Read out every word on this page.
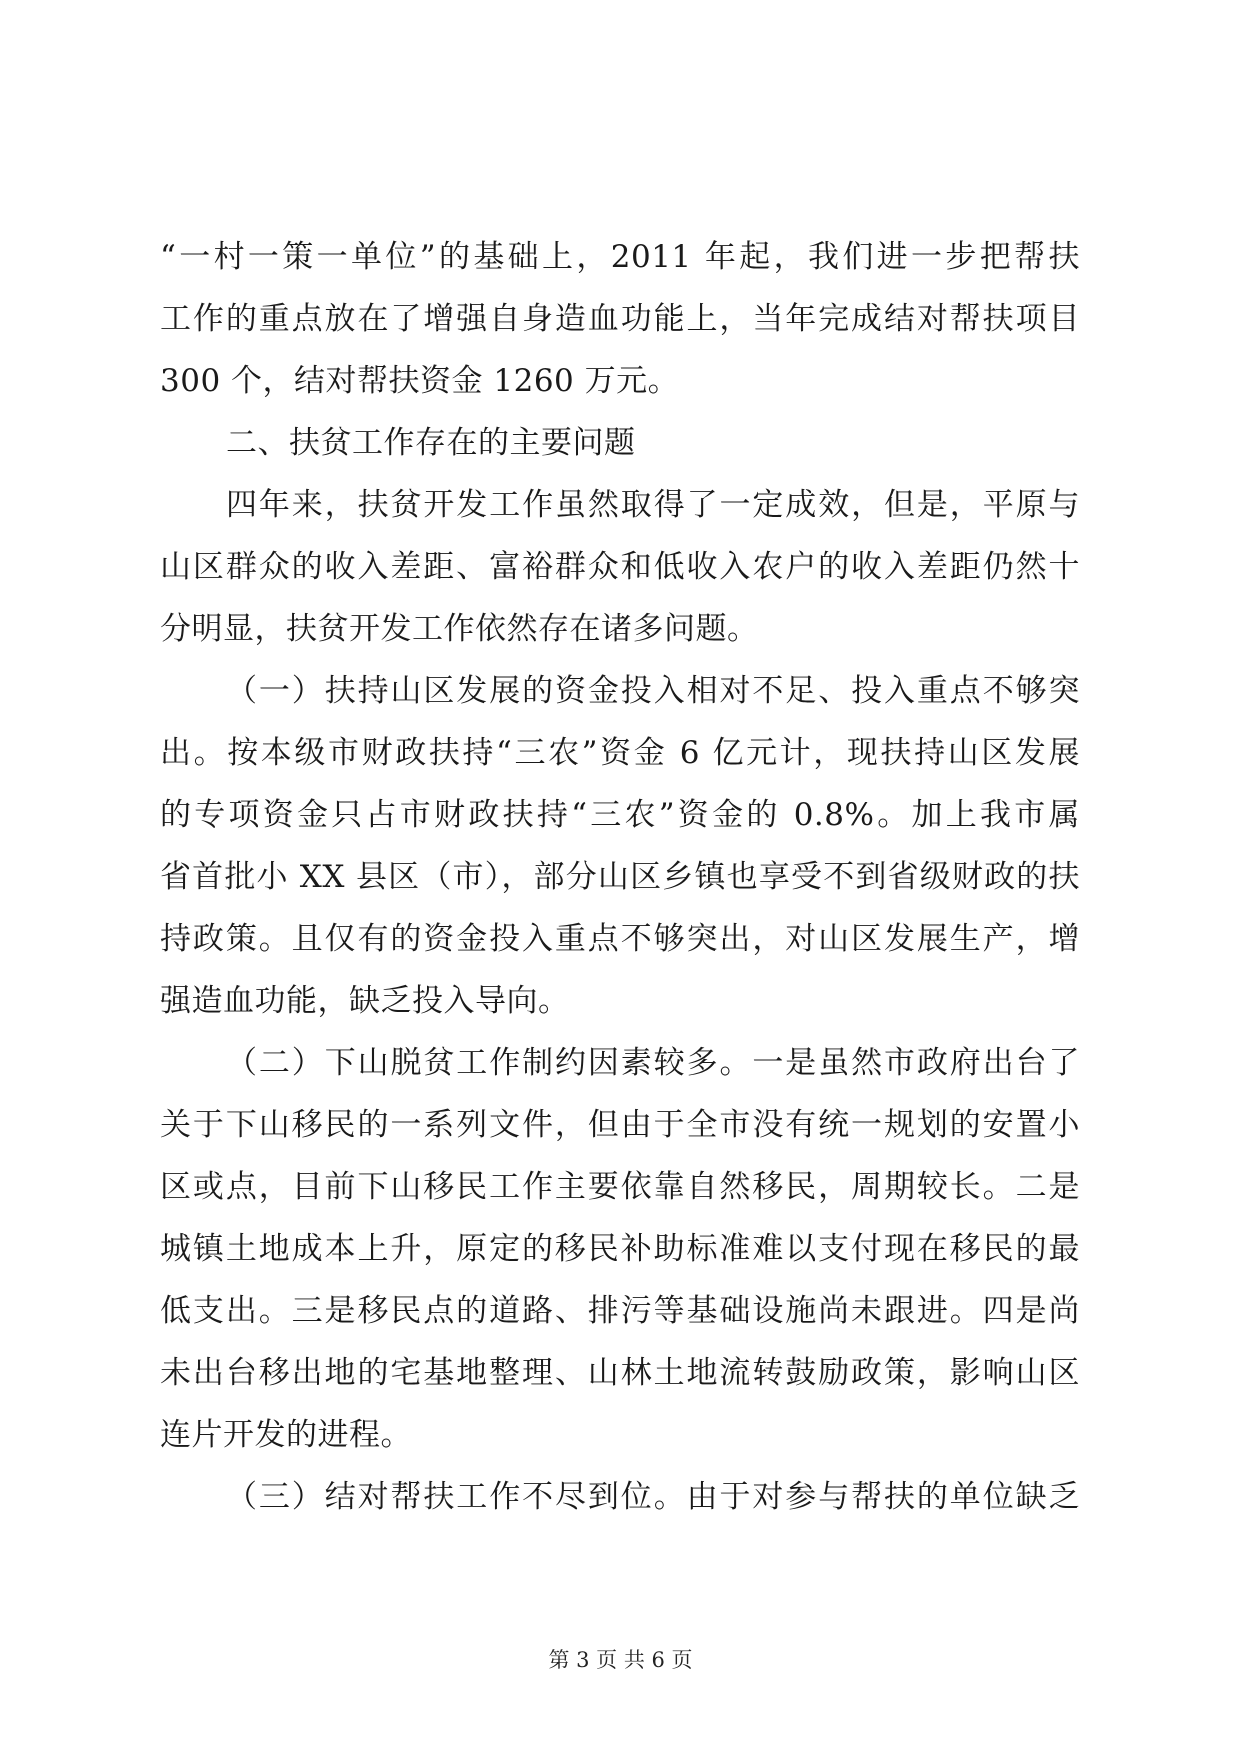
“一村一策一单位”的基础上，2011 年起，我们进一步把帮扶
工作的重点放在了增强自身造血功能上，当年完成结对帮扶项目
300 个，结对帮扶资金 1260 万元。
二、扶贫工作存在的主要问题
四年来，扶贫开发工作虽然取得了一定成效，但是，平原与
山区群众的收入差距、富裕群众和低收入农户的收入差距仍然十
分明显，扶贫开发工作依然存在诸多问题。
（一）扶持山区发展的资金投入相对不足、投入重点不够突
出。按本级市财政扶持“三农”资金 6 亿元计，现扶持山区发展
的专项资金只占市财政扶持“三农”资金的 0.8%。加上我市属
省首批小 XX 县区（市），部分山区乡镇也享受不到省级财政的扶
持政策。且仅有的资金投入重点不够突出，对山区发展生产，增
强造血功能，缺乏投入导向。
（二）下山脱贫工作制约因素较多。一是虽然市政府出台了
关于下山移民的一系列文件，但由于全市没有统一规划的安置小
区或点，目前下山移民工作主要依靠自然移民，周期较长。二是
城镇土地成本上升，原定的移民补助标准难以支付现在移民的最
低支出。三是移民点的道路、排污等基础设施尚未跟进。四是尚
未出台移出地的宅基地整理、山林土地流转鼓励政策，影响山区
连片开发的进程。
（三）结对帮扶工作不尽到位。由于对参与帮扶的单位缺乏
第 3 页 共 6 页
